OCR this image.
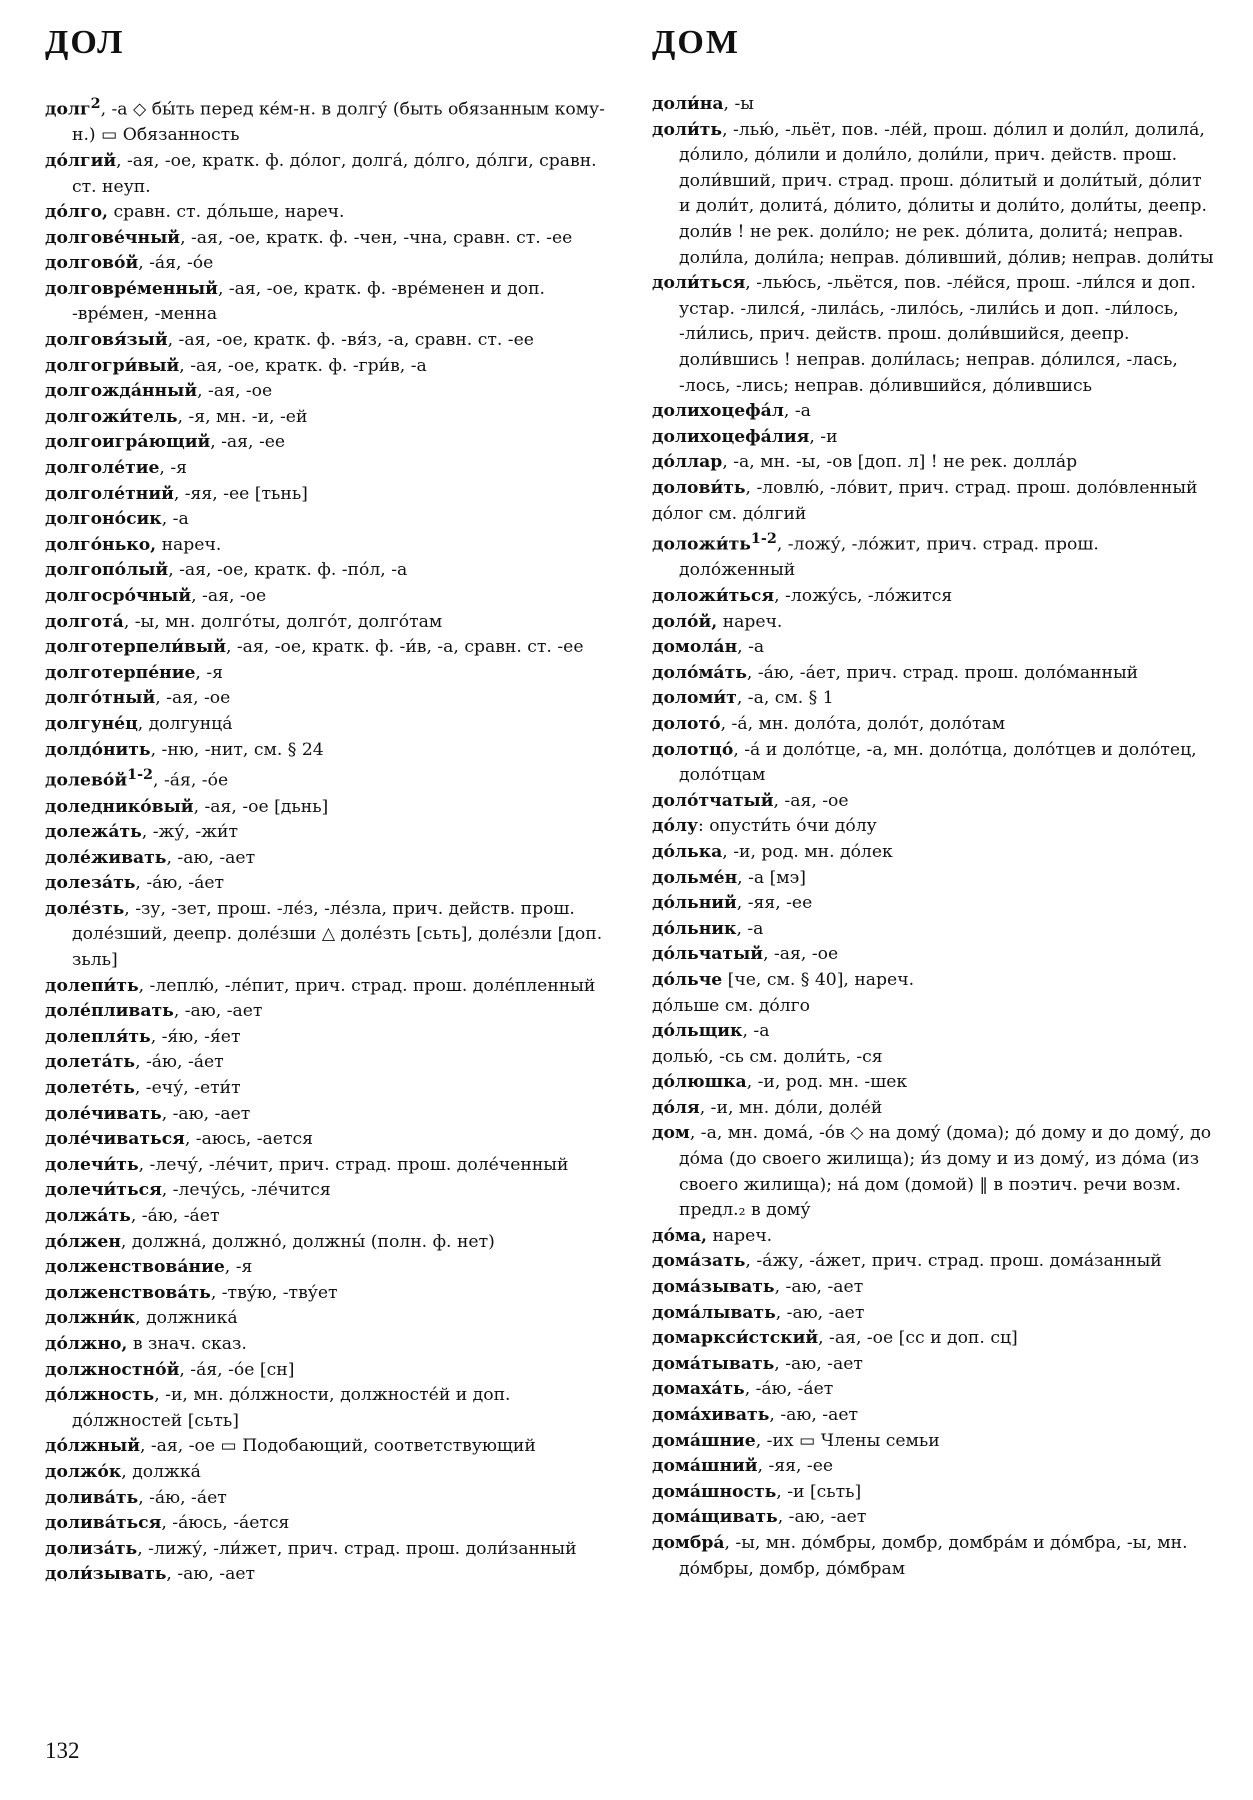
ДОЛ	ДОМ
долг$^2$, -а ◇ бы́ть перед ке́м-н. в долгу́ (быть обязанным кому-н.) ▭ Обязанность
до́лгий, -ая, -ое, кратк. ф. до́лог, долга́, до́лго, до́лги, сравн. ст. неуп.
до́лго, сравн. ст. до́льше, нареч.
долгове́чный, -ая, -ое, кратк. ф. -чен, -чна, сравн. ст. -ее
долгово́й, -а́я, -о́е
долговре́менный, -ая, -ое, кратк. ф. -вре́менен и доп. -вре́мен, -менна
долговя́зый, -ая, -ое, кратк. ф. -вя́з, -а, сравн. ст. -ее
долгогри́вый, -ая, -ое, кратк. ф. -гри́в, -а
долгожда́нный, -ая, -ое
долгожи́тель, -я, мн. -и, -ей
долгоигра́ющий, -ая, -ее
долголе́тие, -я
долголе́тний, -яя, -ее [тьнь]
долгоно́сик, -а
долго́нько, нареч.
долгопо́лый, -ая, -ое, кратк. ф. -по́л, -а
долгосро́чный, -ая, -ое
долгота́, -ы, мн. долго́ты, долго́т, долго́там
долготерпели́вый, -ая, -ое, кратк. ф. -и́в, -а, сравн. ст. -ее
долготерпе́ние, -я
долго́тный, -ая, -ое
долгуне́ц, долгунца́
долдо́нить, -ню, -нит, см. § 24
$долево́й^{1-2}$, -а́я, -о́е
доледнико́вый, -ая, -ое [дьнь]
долежа́ть, -жу́, -жи́т
доле́живать, -аю, -ает
долеза́ть, -а́ю, -а́ет
доле́зть, -зу, -зет, прош. -ле́з, -ле́зла, прич. действ. прош. доле́зший, деепр. доле́зши △ доле́зть [сьть], доле́зли [доп. зьль]
долепи́ть, -леплю́, -ле́пит, прич. страд. прош. доле́пленный
доле́пливать, -аю, -ает
долепля́ть, -я́ю, -я́ет
долета́ть, -а́ю, -а́ет
долете́ть, -ечу́, -ети́т
доле́чивать, -аю, -ает
доле́чиваться, -аюсь, -ается
долечи́ть, -лечу́, -ле́чит, прич. страд. прош. доле́ченный
долечи́ться, -лечу́сь, -ле́чится
должа́ть, -а́ю, -а́ет
до́лжен, должна́, должно́, должны́ (полн. ф. нет)
долженствова́ние, -я
долженствова́ть, -тву́ю, -тву́ет
должни́к, должника́
до́лжно, в знач. сказ.
должностно́й, -а́я, -о́е [сн]
до́лжность, -и, мн. до́лжности, должносте́й и доп. до́лжностей [сьть]
до́лжный, -ая, -ое ▭ Подобающий, соответствующий
должо́к, должка́
долива́ть, -а́ю, -а́ет
долива́ться, -а́юсь, -а́ется
долиза́ть, -лижу́, -ли́жет, прич. страд. прош. доли́занный
доли́зывать, -аю, -ает
доли́на, -ы
доли́ть, -лью́, -льёт, пов. -ле́й, прош. до́лил и доли́л, долила́, до́лило, до́лили и доли́ло, доли́ли, прич. действ. прош. доли́вший, прич. страд. прош. до́литый и доли́тый, до́лит и доли́т, долита́, до́лито, до́литы и доли́то, доли́ты, деепр. доли́в ! не рек. доли́ло; не рек. до́лита, долита́; неправ. доли́ла, доли́ла; неправ. до́ливший, до́лив; неправ. доли́ты
доли́ться, -лью́сь, -льётся, пов. -ле́йся, прош. -ли́лся и доп. устар. -лился́, -лила́сь, -лило́сь, -лили́сь и доп. -ли́лось, -ли́лись, прич. действ. прош. доли́вшийся, деепр. доли́вшись ! неправ. доли́лась; неправ. до́лился, -лась, -лось, -лись; неправ. до́лившийся, до́лившись
долихоцефа́л, -а
долихоцефа́лия, -и
до́ллар, -а, мн. -ы, -ов [доп. л] ! не рек. долла́р
долови́ть, -ловлю́, -ло́вит, прич. страд. прош. доло́вленный
до́лог см. до́лгий
$доложи́ть^{1-2}$, -ложу́, -ло́жит, прич. страд. прош. доло́женный
доложи́ться, -ложу́сь, -ло́жится
доло́й, нареч.
домола́н, -а
доло́ма́ть, -а́ю, -а́ет, прич. страд. прош. доло́манный
доломи́т, -а, см. § 1
долото́, -а́, мн. доло́та, доло́т, доло́там
долотцо́, -а́ и доло́тце, -а, мн. доло́тца, доло́тцев и доло́тец, доло́тцам
доло́тчатый, -ая, -ое
до́лу: опусти́ть о́чи до́лу
до́лька, -и, род. мн. до́лек
дольме́н, -а [мэ]
до́льний, -яя, -ее
до́льник, -а
до́льчатый, -ая, -ое
до́льче [че, см. § 40], нареч.
до́льше см. до́лго
до́льщик, -а
долью́, -сь см. доли́ть, -ся
до́люшка, -и, род. мн. -шек
до́ля, -и, мн. до́ли, доле́й
дом, -а, мн. дома́, -о́в ◇ на дому́ (дома); до́ дому и до дому́, до до́ма (до своего жилища); и́з дому и из дому́, из до́ма (из своего жилища); на́ дом (домой) ‖ в поэтич. речи возм. предл.₂ в дому́
до́ма, нареч.
дома́зать, -а́жу, -а́жет, прич. страд. прош. дома́занный
дома́зывать, -аю, -ает
дома́лывать, -аю, -ает
домаркси́стский, -ая, -ое [сс и доп. сц]
дома́тывать, -аю, -ает
домаха́ть, -а́ю, -а́ет
дома́хивать, -аю, -ает
дома́шние, -их ▭ Члены семьи
дома́шний, -яя, -ее
дома́шность, -и [сьть]
дома́щивать, -аю, -ает
домбра́, -ы, мн. до́мбры, домбр, домбра́м и до́мбра, -ы, мн. до́мбры, домбр, до́мбрам
132
